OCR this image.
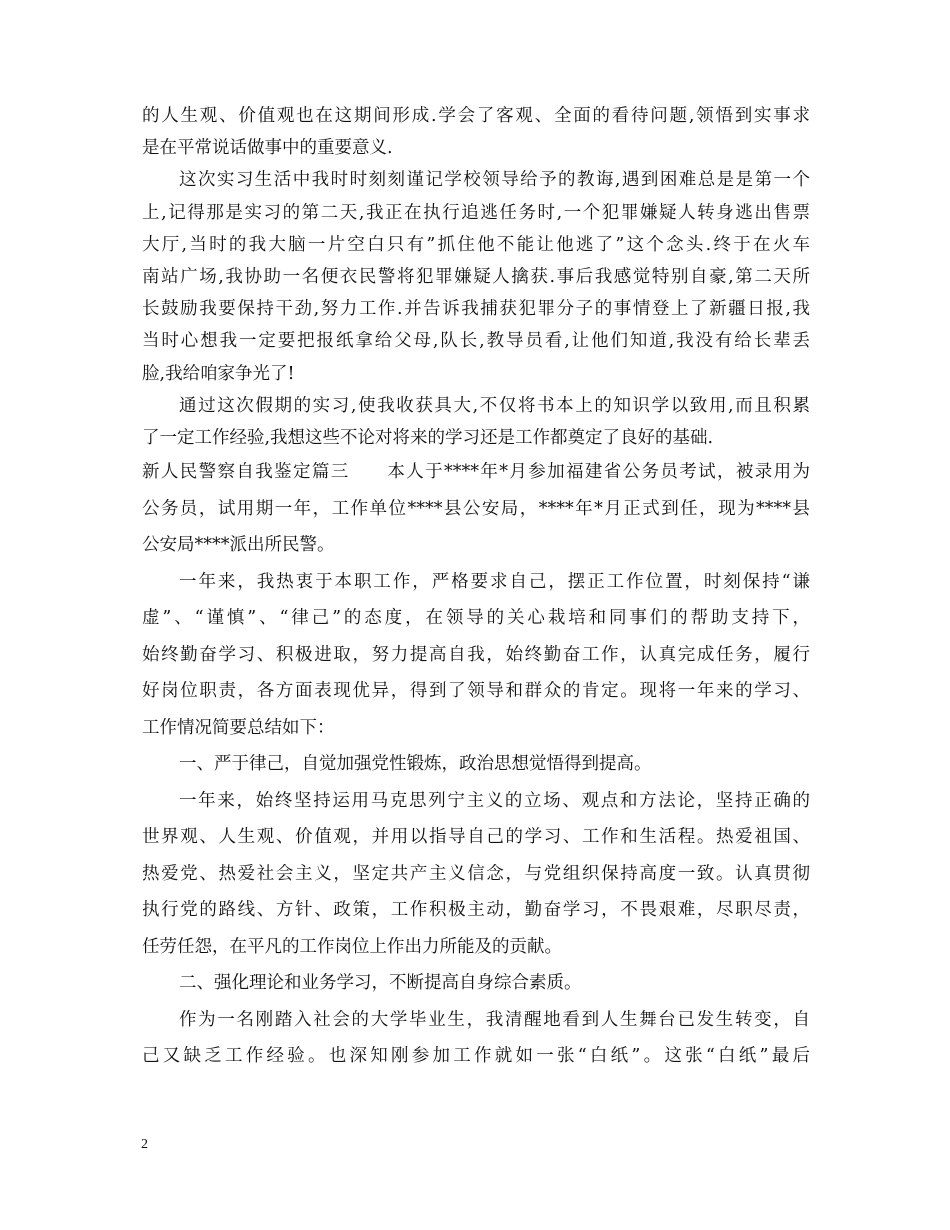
的人生观、价值观也在这期间形成.学会了客观、全面的看待问题,领悟到实事求
是在平常说话做事中的重要意义.
这次实习生活中我时时刻刻谨记学校领导给予的教诲,遇到困难总是是第一个
上,记得那是实习的第二天,我正在执行追逃任务时,一个犯罪嫌疑人转身逃出售票
大厅,当时的我大脑一片空白只有”抓住他不能让他逃了”这个念头.终于在火车
南站广场,我协助一名便衣民警将犯罪嫌疑人擒获.事后我感觉特别自豪,第二天所
长鼓励我要保持干劲,努力工作.并告诉我捕获犯罪分子的事情登上了新疆日报,我
当时心想我一定要把报纸拿给父母,队长,教导员看,让他们知道,我没有给长辈丢
脸,我给咱家争光了!
通过这次假期的实习,使我收获具大,不仅将书本上的知识学以致用,而且积累
了一定工作经验,我想这些不论对将来的学习还是工作都奠定了良好的基础.
新人民警察自我鉴定篇三　　本人于****年*月参加福建省公务员考试，被录用为
公务员，试用期一年，工作单位****县公安局，****年*月正式到任，现为****县
公安局****派出所民警。
一年来，我热衷于本职工作，严格要求自己，摆正工作位置，时刻保持“谦
虚”、“谨慎”、“律己”的态度，在领导的关心栽培和同事们的帮助支持下，
始终勤奋学习、积极进取，努力提高自我，始终勤奋工作，认真完成任务，履行
好岗位职责，各方面表现优异，得到了领导和群众的肯定。现将一年来的学习、
工作情况简要总结如下：
一、严于律己，自觉加强党性锻炼，政治思想觉悟得到提高。
一年来，始终坚持运用马克思列宁主义的立场、观点和方法论，坚持正确的
世界观、人生观、价值观，并用以指导自己的学习、工作和生活程。热爱祖国、
热爱党、热爱社会主义，坚定共产主义信念，与党组织保持高度一致。认真贯彻
执行党的路线、方针、政策，工作积极主动，勤奋学习，不畏艰难，尽职尽责，
任劳任怨，在平凡的工作岗位上作出力所能及的贡献。
二、强化理论和业务学习，不断提高自身综合素质。
作为一名刚踏入社会的大学毕业生，我清醒地看到人生舞台已发生转变，自
己又缺乏工作经验。也深知刚参加工作就如一张“白纸”。这张“白纸”最后
2
